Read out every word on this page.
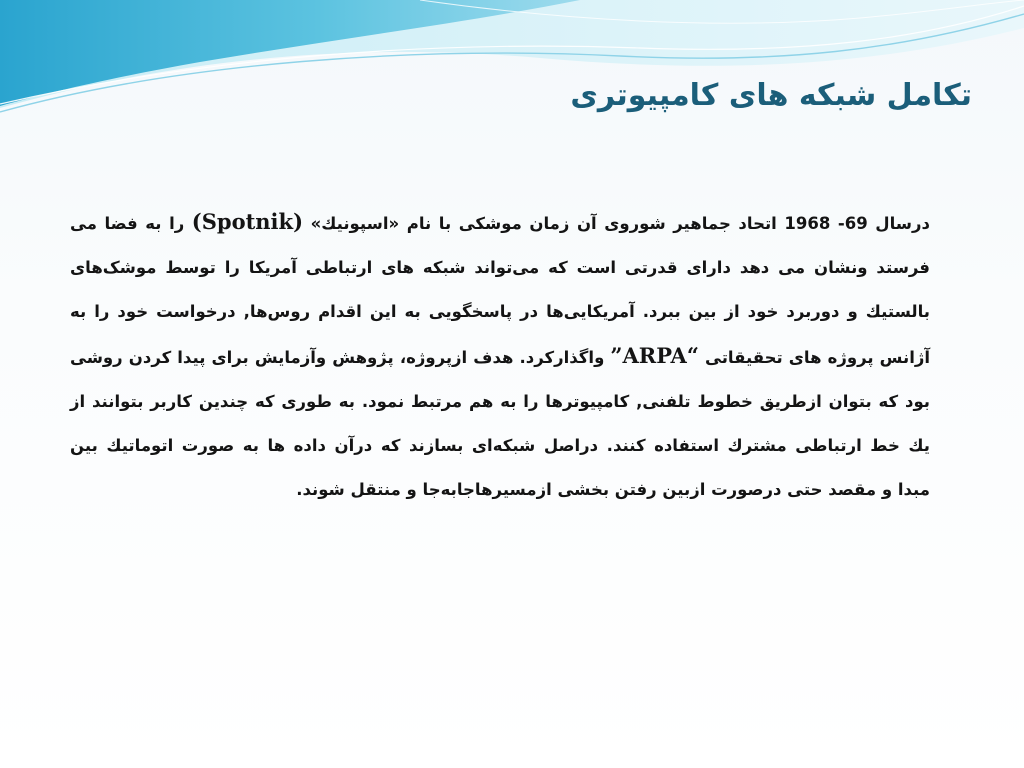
تکامل شبکه های کامپیوتری
درسال 69- 1968 اتحاد جماهیر شوروی آن زمان موشکی با نام «اسپونیك» (Spotnik) را به فضا می
فرستد ونشان می دهد دارای قدرتی است که می‌تواند شبکه های ارتباطی آمریکا را توسط موشک‌های
بالستیك و دوربرد خود از بین ببرد. آمریکایی‌ها در پاسخگویی به این اقدام روس‌ها, درخواست خود را به
آژانس پروژه های تحقیقاتی “ARPA” واگذارکرد. هدف ازپروژه، پژوهش وآزمایش برای پیدا کردن روشی
بود که بتوان ازطریق خطوط تلفنی, کامپیوترها را به هم مرتبط نمود. به طوری که چندین کاربر بتوانند از
یك خط ارتباطی مشترك استفاده کنند. دراصل شبکه‌ای بسازند که درآن داده ها به صورت اتوماتیك بین
مبدا و مقصد حتی درصورت ازبین رفتن بخشی ازمسیرهاجابه‌جا و منتقل شوند.
